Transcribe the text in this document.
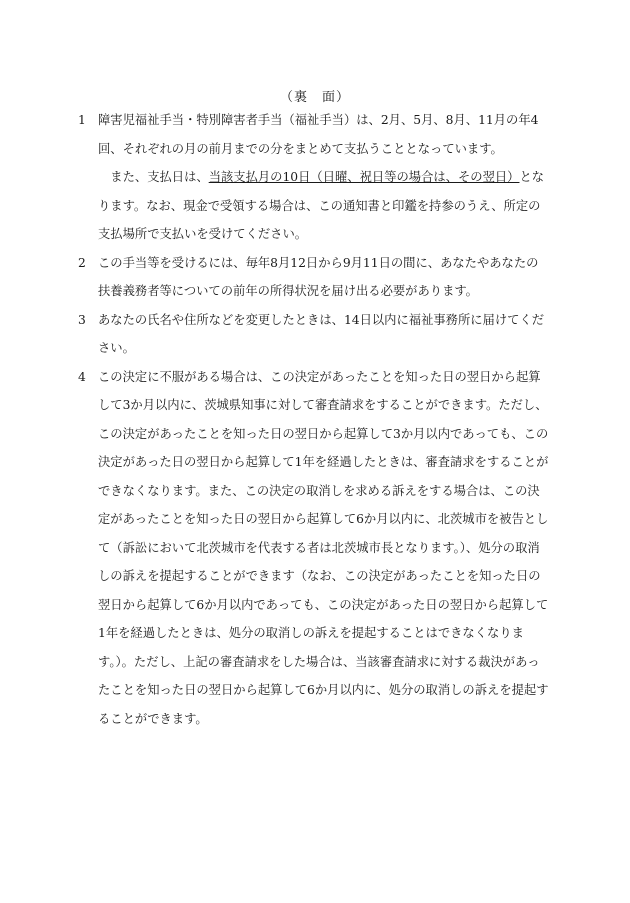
（裏　面）
1 障害児福祉手当・特別障害者手当（福祉手当）は、2月、5月、8月、11月の年4回、それぞれの月の前月までの分をまとめて支払うこととなっています。
また、支払日は、当該支払月の10日（日曜、祝日等の場合は、その翌日）となります。なお、現金で受領する場合は、この通知書と印鑑を持参のうえ、所定の支払場所で支払いを受けてください。
2 この手当等を受けるには、毎年8月12日から9月11日の間に、あなたやあなたの扶養義務者等についての前年の所得状況を届け出る必要があります。
3 あなたの氏名や住所などを変更したときは、14日以内に福祉事務所に届けてください。
4 この決定に不服がある場合は、この決定があったことを知った日の翌日から起算して3か月以内に、茨城県知事に対して審査請求をすることができます。ただし、この決定があったことを知った日の翌日から起算して3か月以内であっても、この決定があった日の翌日から起算して1年を経過したときは、審査請求をすることができなくなります。また、この決定の取消しを求める訴えをする場合は、この決定があったことを知った日の翌日から起算して6か月以内に、北茨城市を被告として（訴訟において北茨城市を代表する者は北茨城市長となります。）、処分の取消しの訴えを提起することができます（なお、この決定があったことを知った日の翌日から起算して6か月以内であっても、この決定があった日の翌日から起算して1年を経過したときは、処分の取消しの訴えを提起することはできなくなります。）。ただし、上記の審査請求をした場合は、当該審査請求に対する裁決があったことを知った日の翌日から起算して6か月以内に、処分の取消しの訴えを提起することができます。
